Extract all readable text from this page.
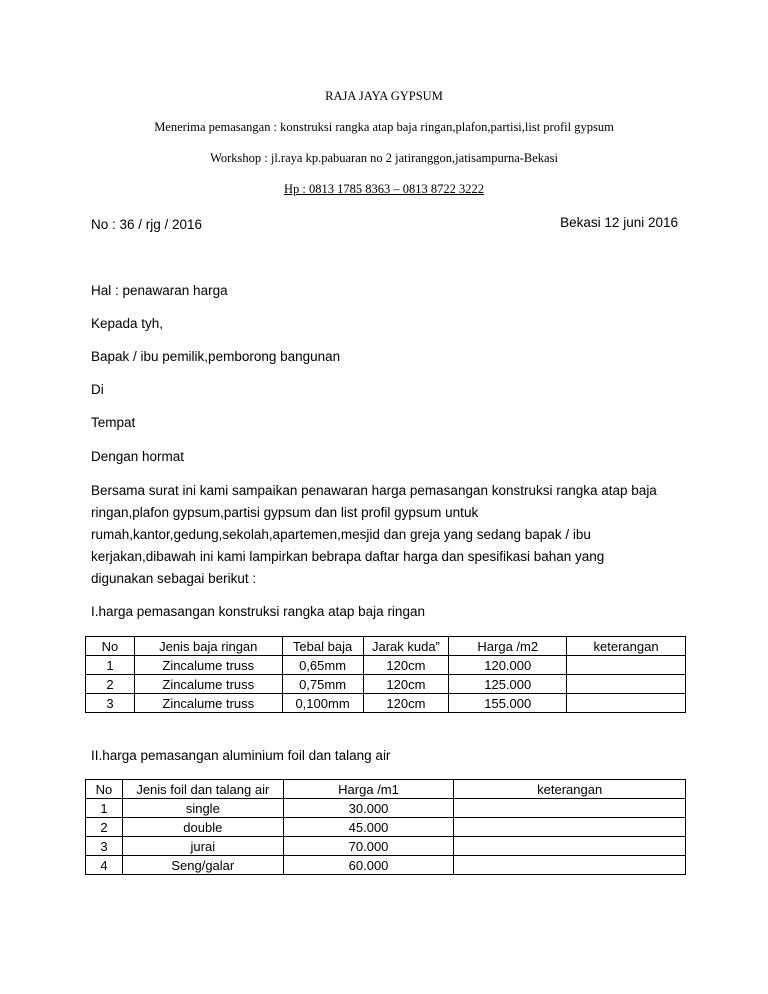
RAJA JAYA GYPSUM
Menerima pemasangan : konstruksi rangka atap baja ringan,plafon,partisi,list profil gypsum
Workshop : jl.raya kp.pabuaran no 2 jatiranggon,jatisampurna-Bekasi
Hp : 0813 1785 8363 – 0813 8722 3222
Bekasi 12 juni 2016
No : 36 / rjg / 2016
Hal : penawaran harga
Kepada tyh,
Bapak / ibu pemilik,pemborong bangunan
Di
Tempat
Dengan hormat
Bersama surat ini kami sampaikan penawaran harga pemasangan konstruksi rangka atap baja
ringan,plafon gypsum,partisi gypsum dan list profil gypsum untuk
rumah,kantor,gedung,sekolah,apartemen,mesjid dan greja yang sedang bapak / ibu
kerjakan,dibawah ini kami lampirkan bebrapa daftar harga dan spesifikasi bahan yang
digunakan sebagai berikut :
I.harga pemasangan konstruksi rangka atap baja ringan
No	Jenis baja ringan	Tebal baja	Jarak kuda”	Harga /m2	keterangan
1	Zincalume truss	0,65mm	120cm	120.000	
2	Zincalume truss	0,75mm	120cm	125.000	
3	Zincalume truss	0,100mm	120cm	155.000	
II.harga pemasangan aluminium foil dan talang air
No	Jenis foil dan talang air	Harga /m1	keterangan
1	single	30.000	
2	double	45.000	
3	jurai	70.000	
4	Seng/galar	60.000	
